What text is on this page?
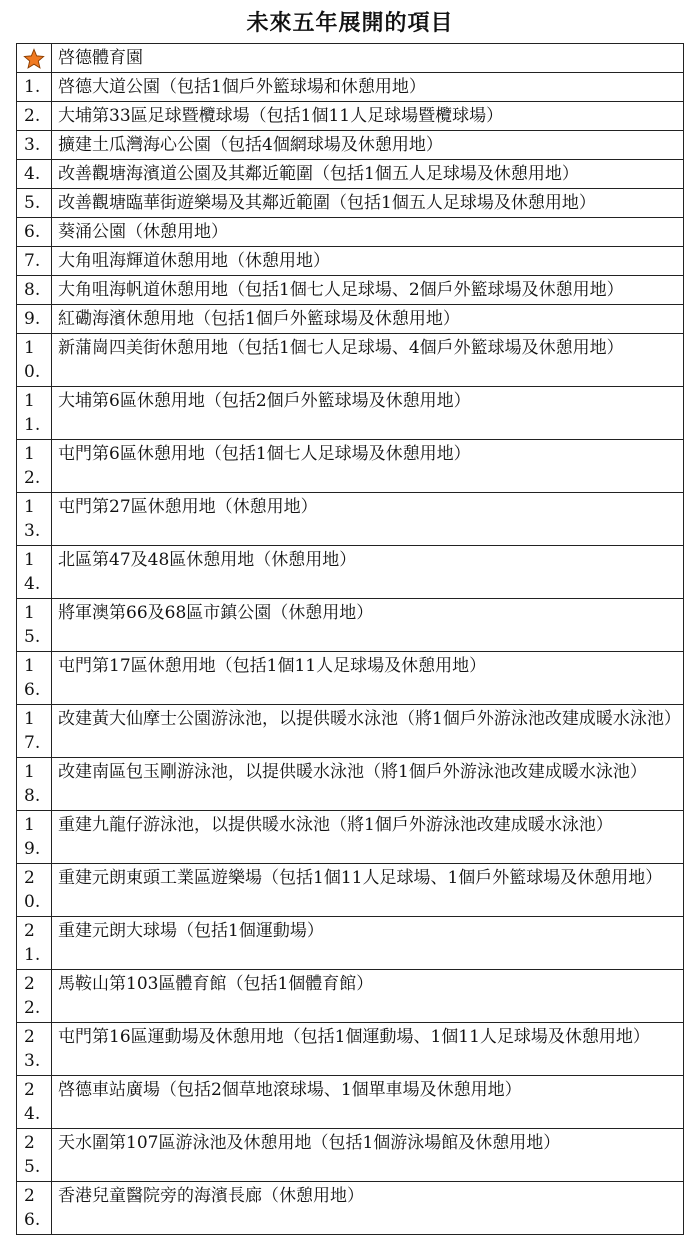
未來五年展開的項目
	啓德體育園
1.	啓德大道公園（包括1個戶外籃球場和休憩用地）
2.	大埔第33區足球暨欖球場（包括1個11人足球場暨欖球場）
3.	擴建土瓜灣海心公園（包括4個網球場及休憩用地）
4.	改善觀塘海濱道公園及其鄰近範圍（包括1個五人足球場及休憩用地）
5.	改善觀塘臨華街遊樂場及其鄰近範圍（包括1個五人足球場及休憩用地）
6.	葵涌公園（休憩用地）
7.	大角咀海輝道休憩用地（休憩用地）
8.	大角咀海帆道休憩用地（包括1個七人足球場、2個戶外籃球場及休憩用地）
9.	紅磡海濱休憩用地（包括1個戶外籃球場及休憩用地）
10.	新蒲崗四美街休憩用地（包括1個七人足球場、4個戶外籃球場及休憩用地）
11.	大埔第6區休憩用地（包括2個戶外籃球場及休憩用地）
12.	屯門第6區休憩用地（包括1個七人足球場及休憩用地）
13.	屯門第27區休憩用地（休憩用地）
14.	北區第47及48區休憩用地（休憩用地）
15.	將軍澳第66及68區市鎮公園（休憩用地）
16.	屯門第17區休憩用地（包括1個11人足球場及休憩用地）
17.	改建黃大仙摩士公園游泳池，以提供暖水泳池（將1個戶外游泳池改建成暖水泳池）
18.	改建南區包玉剛游泳池，以提供暖水泳池（將1個戶外游泳池改建成暖水泳池）
19.	重建九龍仔游泳池，以提供暖水泳池（將1個戶外游泳池改建成暖水泳池）
20.	重建元朗東頭工業區遊樂場（包括1個11人足球場、1個戶外籃球場及休憩用地）
21.	重建元朗大球場（包括1個運動場）
22.	馬鞍山第103區體育館（包括1個體育館）
23.	屯門第16區運動場及休憩用地（包括1個運動場、1個11人足球場及休憩用地）
24.	啓德車站廣場（包括2個草地滾球場、1個單車場及休憩用地）
25.	天水圍第107區游泳池及休憩用地（包括1個游泳場館及休憩用地）
26.	香港兒童醫院旁的海濱長廊（休憩用地）
